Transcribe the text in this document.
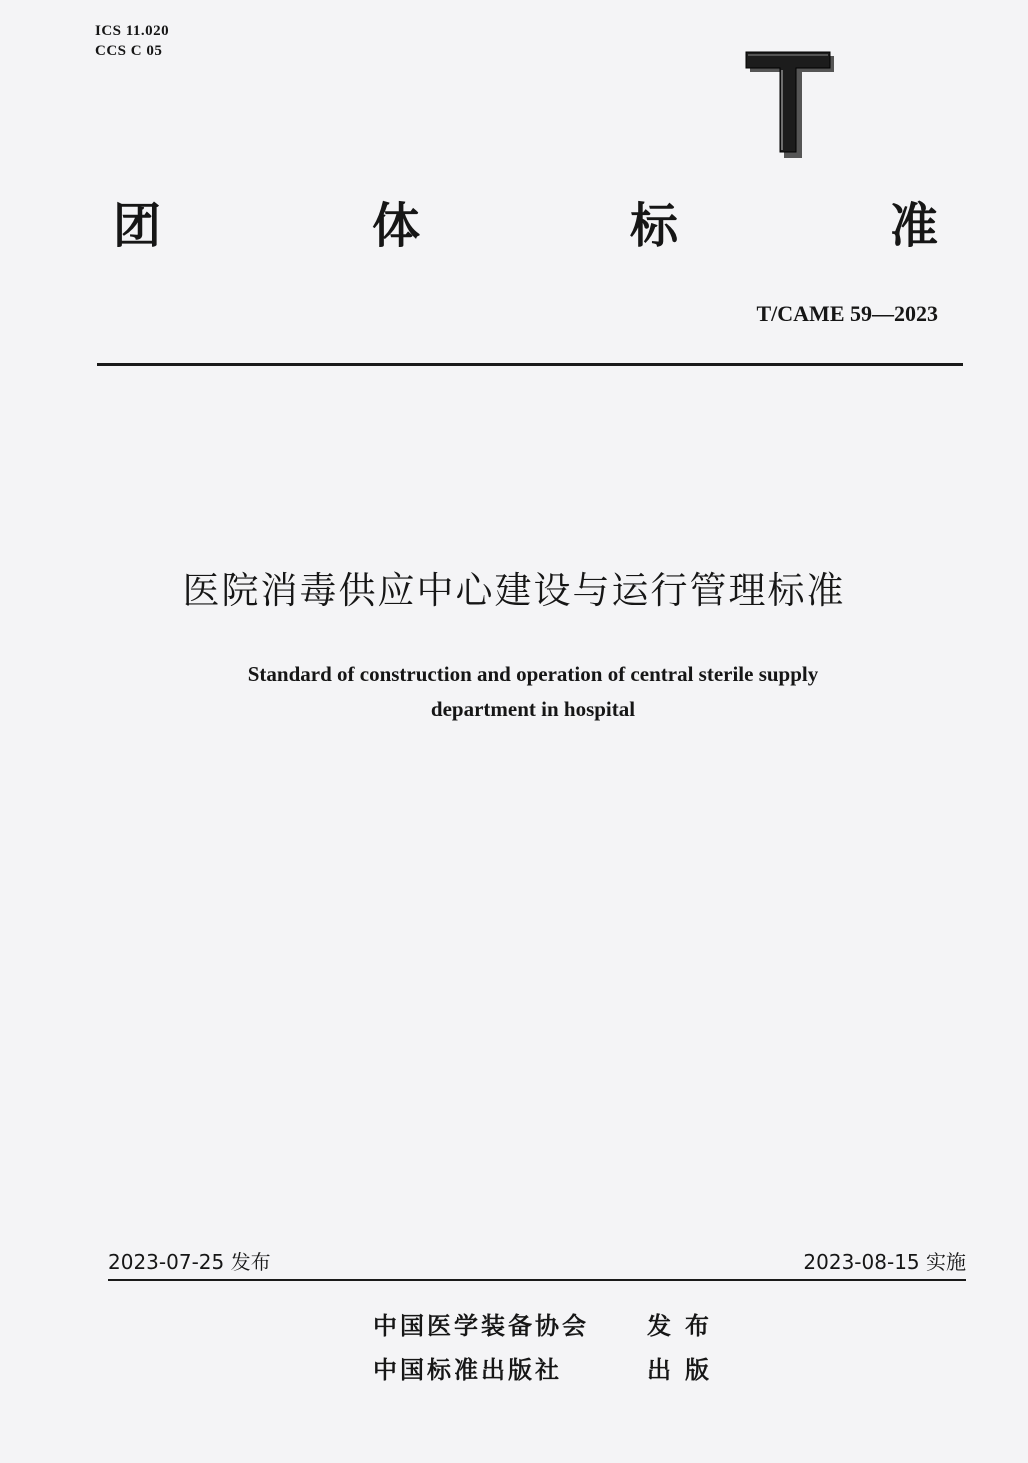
ICS 11.020
CCS C 05
团	体	标	准
T/CAME 59—2023
医院消毒供应中心建设与运行管理标准
Standard of construction and operation of central sterile supply
department in hospital
2023-07-25 发布	2023-08-15 实施
中国医学装备协会 发布
中国标准出版社	出版
